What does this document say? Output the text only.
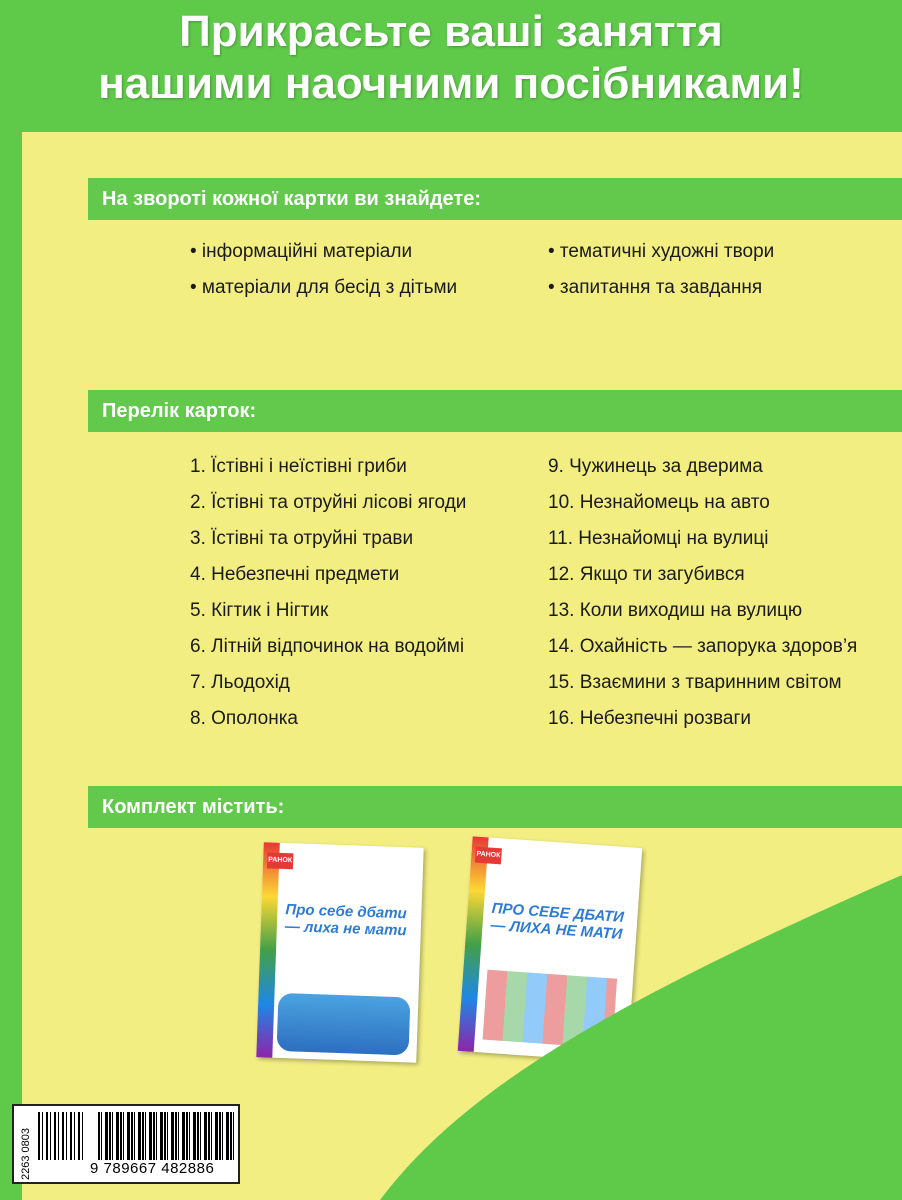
Прикрасьте ваші заняття
нашими наочними посібниками!
На звороті кожної картки ви знайдете:
• інформаційні матеріали
• матеріали для бесід з дітьми
• тематичні художні твори
• запитання та завдання
Перелік карток:
1. Їстівні і неїстівні гриби
2. Їстівні та отруйні лісові ягоди
3. Їстівні та отруйні трави
4. Небезпечні предмети
5. Кігтик і Нігтик
6. Літній відпочинок на водоймі
7. Льодохід
8. Ополонка
9. Чужинець за дверима
10. Незнайомець на авто
11. Незнайомці на вулиці
12. Якщо ти загубився
13. Коли виходиш на вулицю
14. Охайність — запорука здоров’я
15. Взаємини з тваринним світом
16. Небезпечні розваги
Комплект містить:
РАНОК
Про себе дбати — лиха не мати
РАНОК
ПРО СЕБЕ ДБАТИ — ЛИХА НЕ МАТИ
2263 0803	9 789667 482886
